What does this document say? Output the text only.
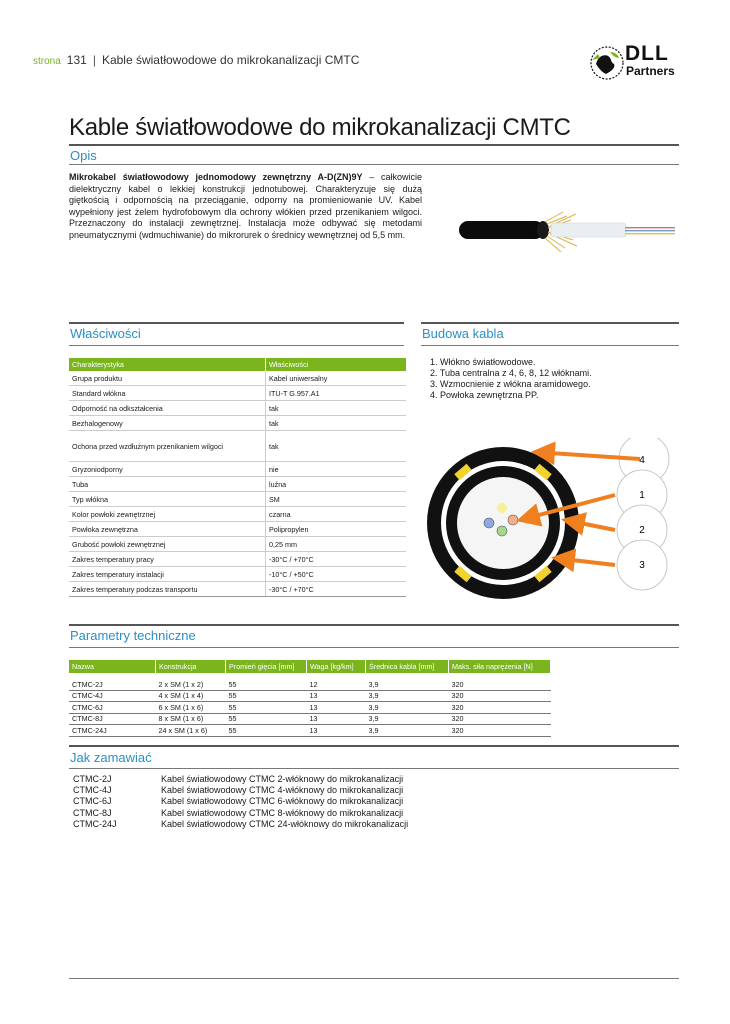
strona 131 | Kable światłowodowe do mikrokanalizacji CMTC	DLL
Partners
Kable światłowodowe do mikrokanalizacji CMTC
Opis
Mikrokabel światłowodowy jednomodowy zewnętrzny A-D(ZN)9Y – całkowicie dielektryczny kabel o lekkiej konstrukcji jednotubowej. Charakteryzuje się dużą giętkością i odpornością na przeciąganie, odporny na promieniowanie UV. Kabel wypełniony jest żelem hydrofobowym dla ochrony włókien przed przenikaniem wilgoci. Przeznaczony do instalacji zewnętrznej. Instalacja może odbywać się metodami pneumatycznymi (wdmuchiwanie) do mikrorurek o średnicy wewnętrznej od 5,5 mm.
Właściwości
Charakterystyka	Właściwości
Grupa produktu	Kabel uniwersalny
Standard włókna	ITU-T G.957.A1
Odporność na odkształcenia	tak
Bezhalogenowy	tak
Ochona przed wzdłużnym przenikaniem wilgoci	tak
Gryzoniodporny	nie
Tuba	luźna
Typ włókna	SM
Kolor powłoki zewnętrznej	czarna
Powłoka zewnętrzna	Polipropylen
Grubość powłoki zewnętrznej	0,25 mm
Zakres temperatury pracy	-30°C / +70°C
Zakres temperatury instalacji	-10°C / +50°C
Zakres temperatury podczas transportu	-30°C / +70°C
Budowa kabla
1. Włókno światłowodowe.
2. Tuba centralna z 4, 6, 8, 12 włóknami.
3. Wzmocnienie z włókna aramidowego.
4. Powłoka zewnętrzna PP.
4
1
2
3
Parametry techniczne
Nazwa	Konstrukcja	Promień gięcia [mm]	Waga [kg/km]	Średnica kabla [mm]	Maks. siła naprężenia [N]

CTMC-2J	2 x SM (1 x 2)	55	12	3,9	320
CTMC-4J	4 x SM (1 x 4)	55	13	3,9	320
CTMC-6J	6 x SM (1 x 6)	55	13	3,9	320
CTMC-8J	8 x SM (1 x 6)	55	13	3,9	320
CTMC-24J	24 x SM (1 x 6)	55	13	3,9	320
Jak zamawiać
CTMC-2J	Kabel światłowodowy CTMC 2-włóknowy do mikrokanalizacji
CTMC-4J	Kabel światłowodowy CTMC 4-włóknowy do mikrokanalizacji
CTMC-6J	Kabel światłowodowy CTMC 6-włóknowy do mikrokanalizacji
CTMC-8J	Kabel światłowodowy CTMC 8-włóknowy do mikrokanalizacji
CTMC-24J	Kabel światłowodowy CTMC 24-włóknowy do mikrokanalizacji
